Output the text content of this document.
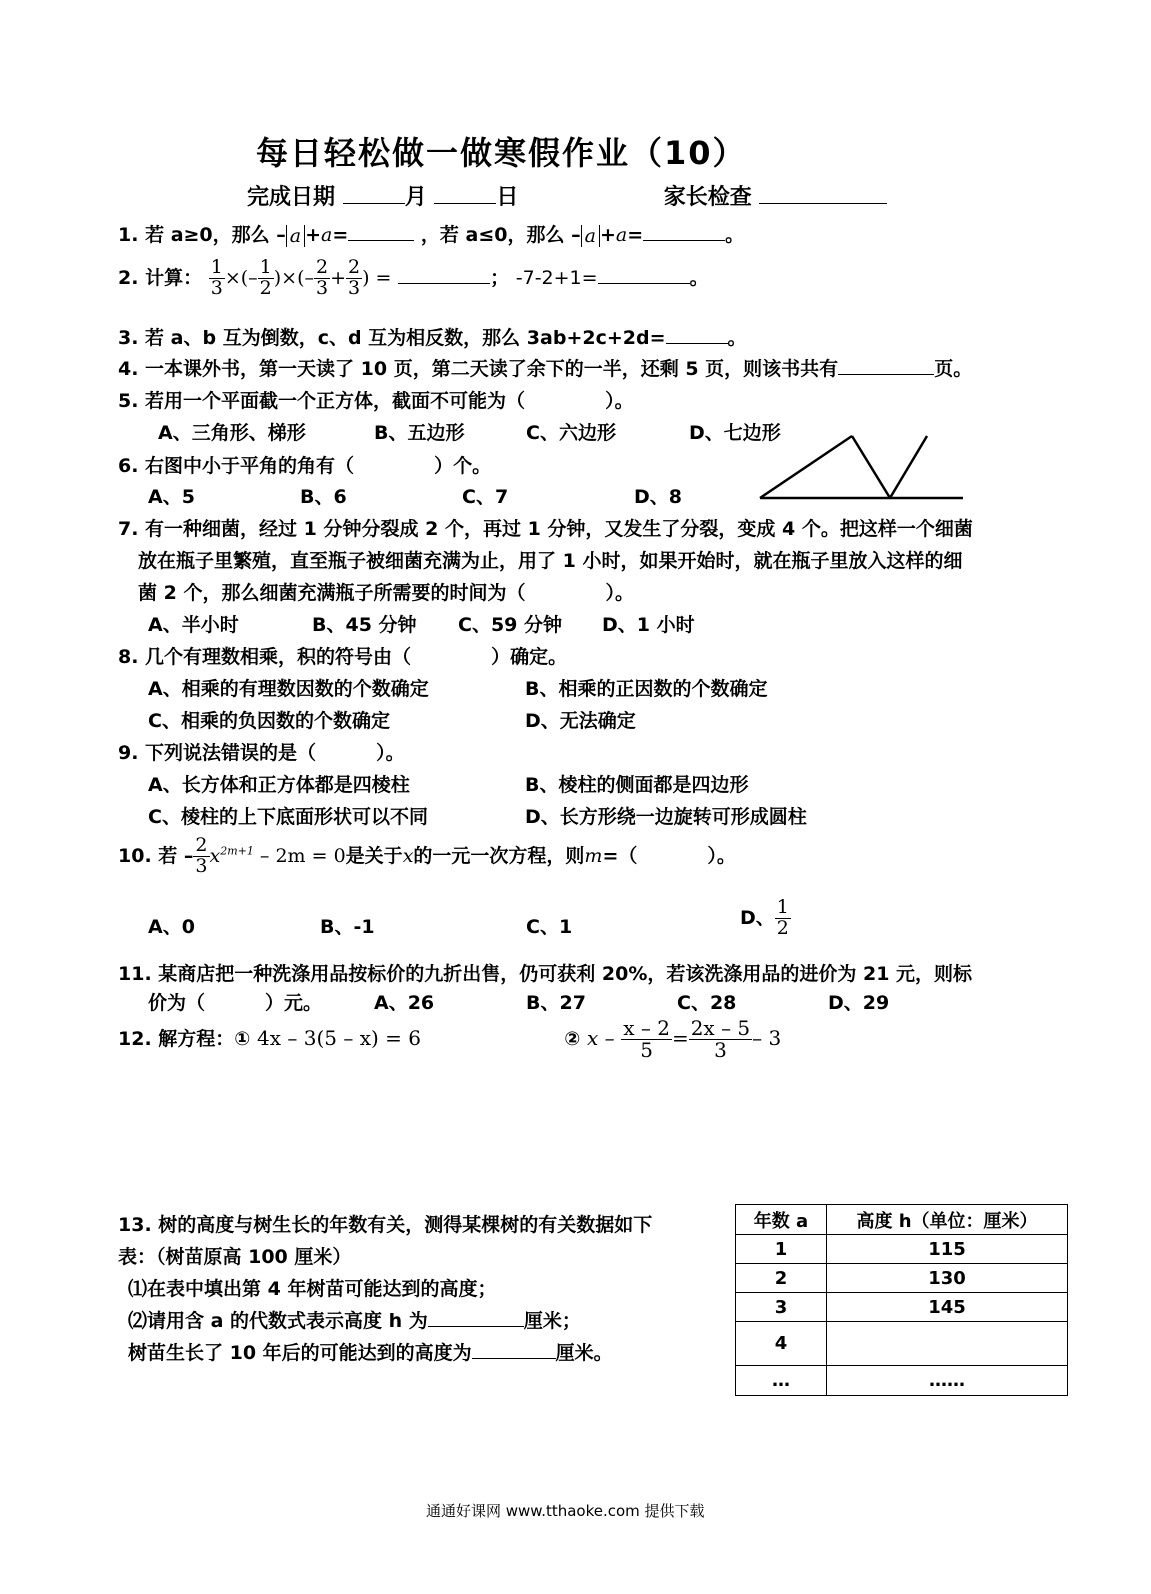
每日轻松做一做寒假作业（10）
完成日期	月	日	家长检查
1. 若 a≥0，那么 – a +a=	，若 a≤0，那么 – a +a=	。
2. 计算： $\frac{1}{3}$ ×(– $\frac{1}{2}$ )×(– $\frac{2}{3} + \frac{2}{3}$ ) =	； -7-2+1=	。
3. 若 a、b 互为倒数，c、d 互为相反数，那么 3ab+2c+2d=	。
4. 一本课外书，第一天读了 10 页，第二天读了余下的一半，还剩 5 页，则该书共有	页。
5. 若用一个平面截一个正方体，截面不可能为（	）。
A、三角形、梯形	B、五边形	C、六边形	D、七边形
6. 右图中小于平角的角有（	）个。
A、5	B、6	C、7	D、8
7. 有一种细菌，经过 1 分钟分裂成 2 个，再过 1 分钟，又发生了分裂，变成 4 个。把这样一个细菌
放在瓶子里繁殖，直至瓶子被细菌充满为止，用了 1 小时，如果开始时，就在瓶子里放入这样的细
菌 2 个，那么细菌充满瓶子所需要的时间为（	）。
A、半小时	B、45 分钟 C、59 分钟 D、1 小时
8. 几个有理数相乘，积的符号由（	）确定。
A、相乘的有理数因数的个数确定	B、相乘的正因数的个数确定
C、相乘的负因数的个数确定	D、无法确定
9. 下列说法错误的是（	）。
A、长方体和正方体都是四棱柱	B、棱柱的侧面都是四边形
C、棱柱的上下底面形状可以不同	D、长方形绕一边旋转可形成圆柱
10. 若 – $\frac{2}{3} x^{2m+1} - 2m = 0$是关于x的一元一次方程，则m=（	）。
A、0	B、-1	C、1	D、 $\frac{1}{2}$
11. 某商店把一种洗涤用品按标价的九折出售，仍可获利 20%，若该洗涤用品的进价为 21 元，则标
价为（	）元。	A、26	B、27	C、28	D、29
12. 解方程：① 4x – 3(5 – x) = 6	② $x - \frac{x - 2}{5} = \frac{2x - 5}{3} - 3$
13. 树的高度与树生长的年数有关，测得某棵树的有关数据如下
表：（树苗原高 100 厘米）
⑴在表中填出第 4 年树苗可能达到的高度；
⑵请用含 a 的代数式表示高度 h 为	厘米；
树苗生长了 10 年后的可能达到的高度为	厘米。
年数 a	高度 h（单位：厘米）
1	115
2	130
3	145
4	
…	……
通通好课网 www.tthaoke.com 提供下载
